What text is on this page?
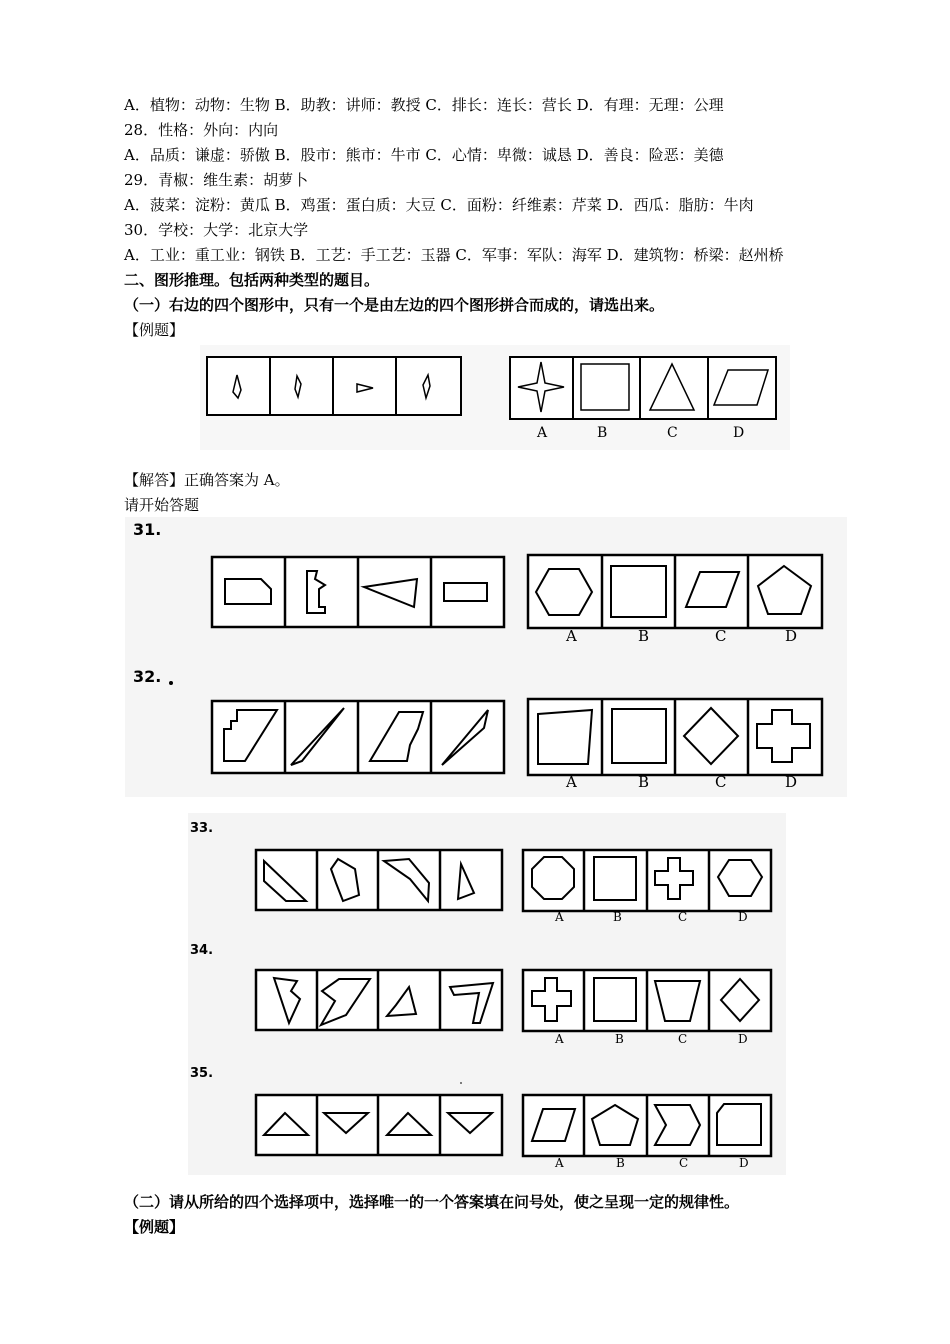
A．植物：动物：生物 B．助教：讲师：教授 C．排长：连长：营长 D．有理：无理：公理
28．性格：外向：内向
A．品质：谦虚：骄傲 B．股市：熊市：牛市 C．心情：卑微：诚恳 D．善良：险恶：美德
29．青椒：维生素：胡萝卜
A．菠菜：淀粉：黄瓜 B．鸡蛋：蛋白质：大豆 C．面粉：纤维素：芹菜 D．西瓜：脂肪：牛肉
30．学校：大学：北京大学
A．工业：重工业：钢铁 B．工艺：手工艺：玉器 C．军事：军队：海军 D．建筑物：桥梁：赵州桥
二、图形推理。包括两种类型的题目。
（一）右边的四个图形中，只有一个是由左边的四个图形拼合而成的，请选出来。
【例题】
A	B	C	D
【解答】正确答案为 A。
请开始答题
31.
A	B	C	D
32.
A	B	C	D
33.
A	B	C	D
34.
A	B	C	D
35.
A	B	C	D
（二）请从所给的四个选择项中，选择唯一的一个答案填在问号处，使之呈现一定的规律性。
【例题】
